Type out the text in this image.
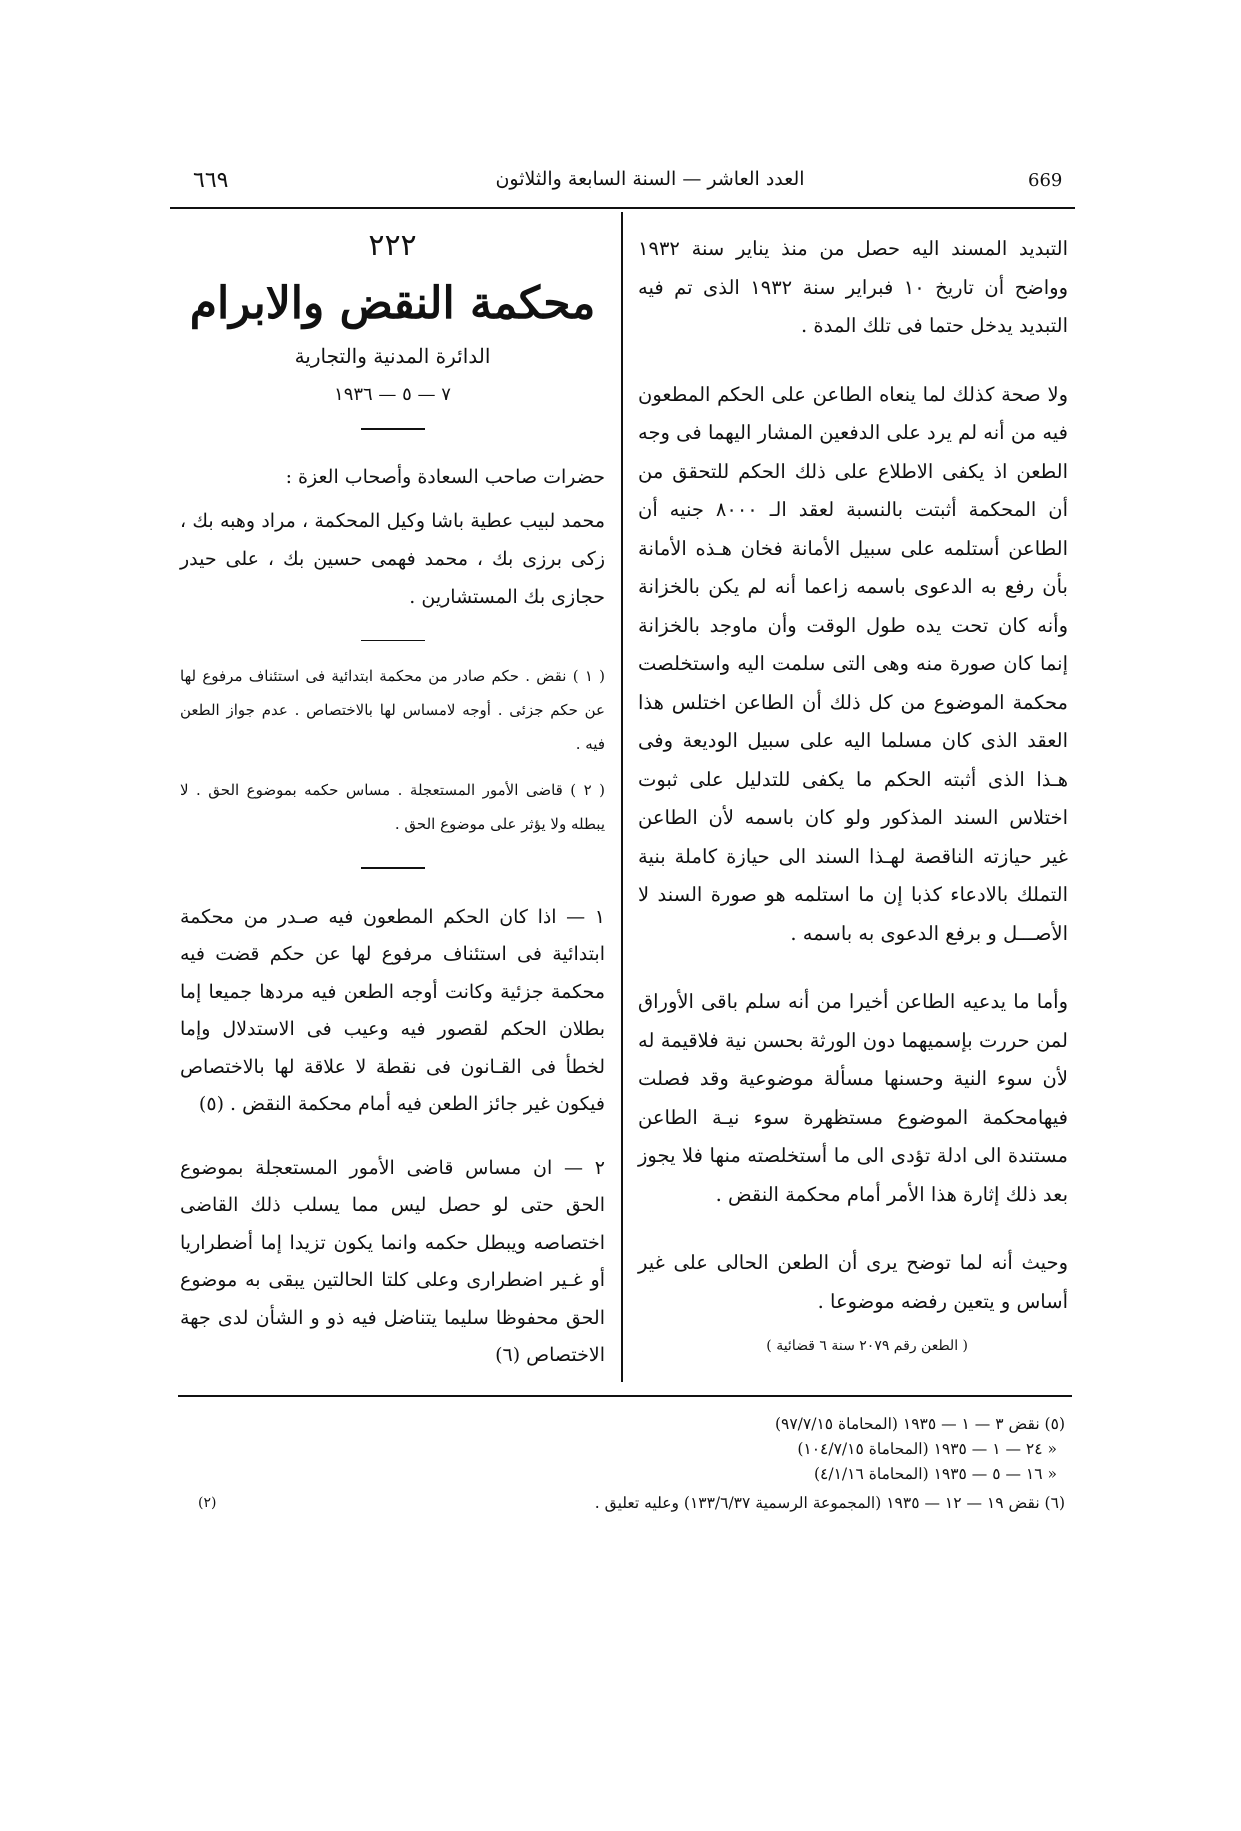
669
العدد العاشر — السنة السابعة والثلاثون
٦٦٩

التبديد المسند اليه حصل من منذ يناير سنة ١٩٣٢ وواضح أن تاريخ ١٠ فبراير سنة ١٩٣٢ الذى تم فيه التبديد يدخل حتما فى تلك المدة .

ولا صحة كذلك لما ينعاه الطاعن على الحكم المطعون فيه من أنه لم يرد على الدفعين المشار اليهما فى وجه الطعن اذ يكفى الاطلاع على ذلك الحكم للتحقق من أن المحكمة أثبتت بالنسبة لعقد الـ ٨٠٠٠ جنيه أن الطاعن أستلمه على سبيل الأمانة فخان هـذه الأمانة بأن رفع به الدعوى باسمه زاعما أنه لم يكن بالخزانة وأنه كان تحت يده طول الوقت وأن ماوجد بالخزانة إنما كان صورة منه وهى التى سلمت اليه واستخلصت محكمة الموضوع من كل ذلك أن الطاعن اختلس هذا العقد الذى كان مسلما اليه على سبيل الوديعة وفى هـذا الذى أثبته الحكم ما يكفى للتدليل على ثبوت اختلاس السند المذكور ولو كان باسمه لأن الطاعن غير حيازته الناقصة لهـذا السند الى حيازة كاملة بنية التملك بالادعاء كذبا إن ما استلمه هو صورة السند لا الأصـــل و برفع الدعوى به باسمه .

وأما ما يدعيه الطاعن أخيرا من أنه سلم باقى الأوراق لمن حررت بإسميهما دون الورثة بحسن نية فلاقيمة له لأن سوء النية وحسنها مسألة موضوعية وقد فصلت فيهامحكمة الموضوع مستظهرة سوء نيـة الطاعن مستندة الى ادلة تؤدى الى ما أستخلصته منها فلا يجوز بعد ذلك إثارة هذا الأمر أمام محكمة النقض .

وحيث أنه لما توضح يرى أن الطعن الحالى على غير أساس و يتعين رفضه موضوعا .

( الطعن رقم ٢٠٧٩ سنة ٦ قضائية )

٢٢٢
محكمة النقض والابرام
الدائرة المدنية والتجارية
٧ — ٥ — ١٩٣٦

حضرات صاحب السعادة وأصحاب العزة :

محمد لبيب عطية باشا وكيل المحكمة ، مراد وهبه بك ، زكى برزى بك ، محمد فهمى حسين بك ، على حيدر حجازى بك المستشارين .

( ١ ) نقض . حكم صادر من محكمة ابتدائية فى استئناف مرفوع لها عن حكم جزئى . أوجه لامساس لها بالاختصاص . عدم جواز الطعن فيه .

( ٢ ) قاضى الأمور المستعجلة . مساس حكمه بموضوع الحق . لا يبطله ولا يؤثر على موضوع الحق .

١ — اذا كان الحكم المطعون فيه صـدر من محكمة ابتدائية فى استئناف مرفوع لها عن حكم قضت فيه محكمة جزئية وكانت أوجه الطعن فيه مردها جميعا إما بطلان الحكم لقصور فيه وعيب فى الاستدلال وإما لخطأ فى القـانون فى نقطة لا علاقة لها بالاختصاص فيكون غير جائز الطعن فيه أمام محكمة النقض . (٥)

٢ — ان مساس قاضى الأمور المستعجلة بموضوع الحق حتى لو حصل ليس مما يسلب ذلك القاضى اختصاصه ويبطل حكمه وانما يكون تزيدا إما أضطراريا أو غـير اضطرارى وعلى كلتا الحالتين يبقى به موضوع الحق محفوظا سليما يتناضل فيه ذو و الشأن لدى جهة الاختصاص (٦)

(٥) نقض ٣ — ١ — ١٩٣٥ (المحاماة ٩٧/٧/١٥)
« ٢٤ — ١ — ١٩٣٥ (المحاماة ١٠٤/٧/١٥)
« ١٦ — ٥ — ١٩٣٥ (المحاماة ٤/١/١٦)
(٦) نقض ١٩ — ١٢ — ١٩٣٥ (المجموعة الرسمية ١٣٣/٦/٣٧) وعليه تعليق .
(٢)
